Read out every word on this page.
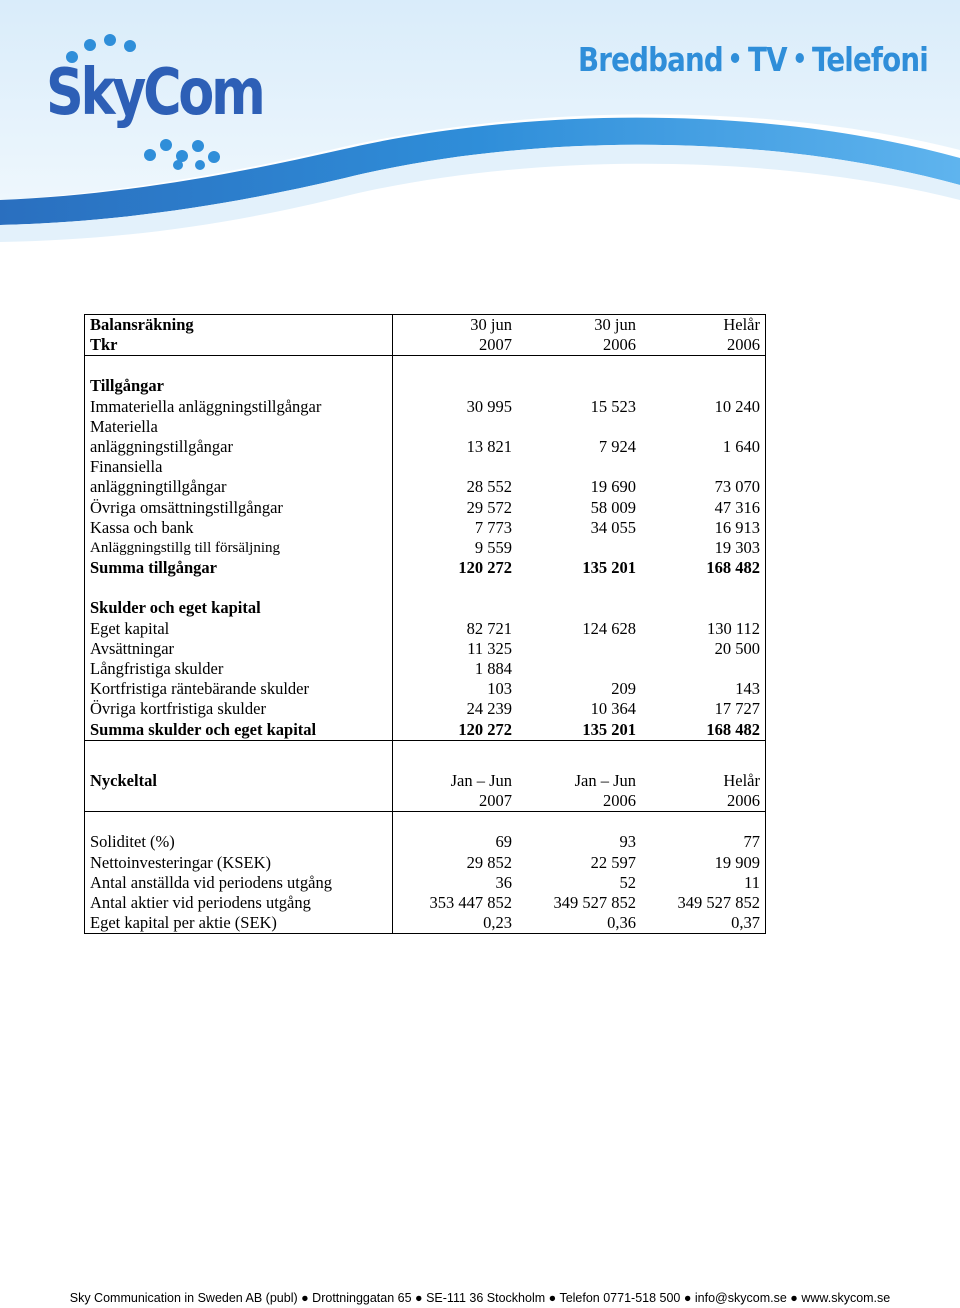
SkyCom	Bredband TV Telefoni
Balansräkning	30 jun	30 jun	Helår
Tkr	2007	2006	2006

Tillgångar			
Immateriella anläggningstillgångar	30 995	15 523	10 240

Materiella
anläggningstillgångar	13 821	7 924	1 640

Finansiella
anläggningtillgångar	28 552	19 690	73 070
Övriga omsättningstillgångar	29 572	58 009	47 316
Kassa och bank	7 773	34 055	16 913
Anläggningstillg till försäljning	9 559		19 303
Summa tillgångar	120 272	135 201	168 482

Skulder och eget kapital			
Eget kapital	82 721	124 628	130 112
Avsättningar	11 325		20 500
Långfristiga skulder	1 884		
Kortfristiga räntebärande skulder	103	209	143
Övriga kortfristiga skulder	24 239	10 364	17 727
Summa skulder och eget kapital	120 272	135 201	168 482

Nyckeltal	Jan – Jun	Jan – Jun	Helår
	2007	2006	2006

Soliditet (%)	69	93	77
Nettoinvesteringar (KSEK)	29 852	22 597	19 909
Antal anställda vid periodens utgång	36	52	11
Antal aktier vid periodens utgång	353 447 852	349 527 852	349 527 852
Eget kapital per aktie (SEK)	0,23	0,36	0,37
Sky Communication in Sweden AB (publ) ● Drottninggatan 65 ● SE-111 36 Stockholm ● Telefon 0771-518 500 ● info@skycom.se ● www.skycom.se
